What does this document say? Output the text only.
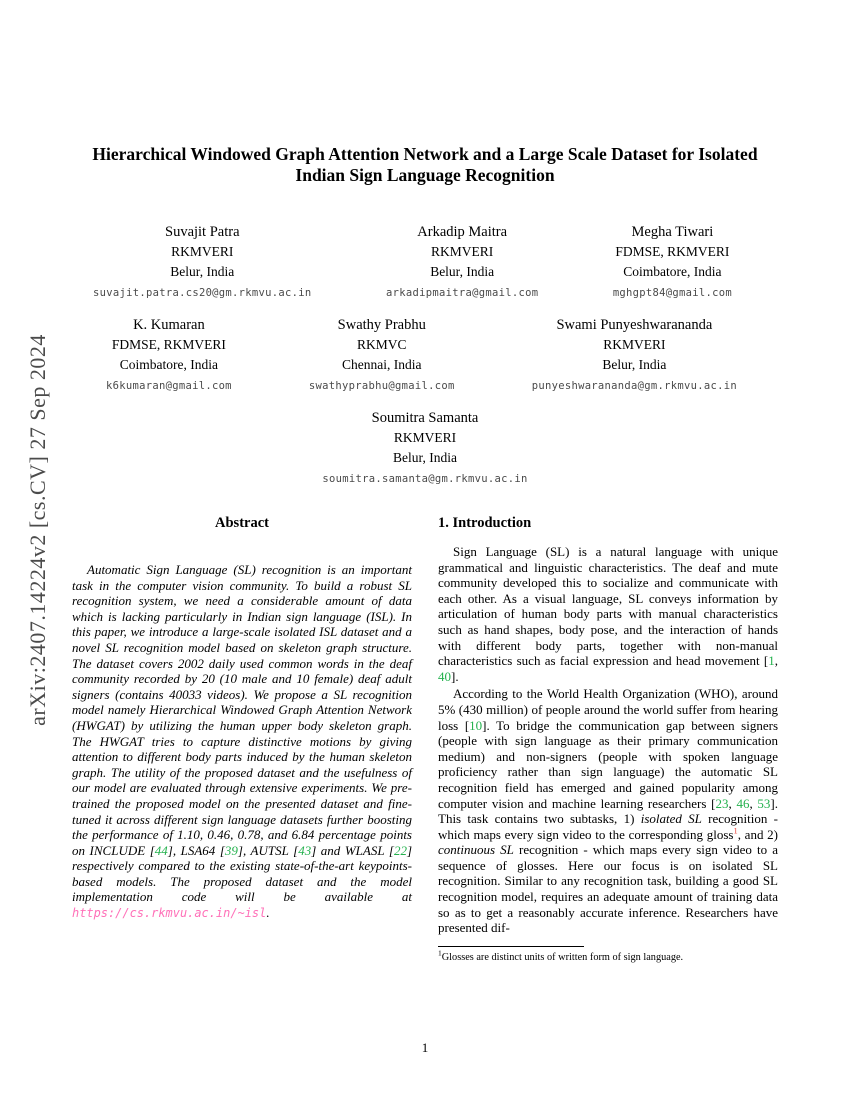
arXiv:2407.14224v2 [cs.CV] 27 Sep 2024
Hierarchical Windowed Graph Attention Network and a Large Scale Dataset for Isolated Indian Sign Language Recognition
Suvajit Patra
RKMVERI
Belur, India
suvajit.patra.cs20@gm.rkmvu.ac.in
Arkadip Maitra
RKMVERI
Belur, India
arkadipmaitra@gmail.com
Megha Tiwari
FDMSE, RKMVERI
Coimbatore, India
mghgpt84@gmail.com
K. Kumaran
FDMSE, RKMVERI
Coimbatore, India
k6kumaran@gmail.com
Swathy Prabhu
RKMVC
Chennai, India
swathyprabhu@gmail.com
Swami Punyeshwarananda
RKMVERI
Belur, India
punyeshwarananda@gm.rkmvu.ac.in
Soumitra Samanta
RKMVERI
Belur, India
soumitra.samanta@gm.rkmvu.ac.in
Abstract

Automatic Sign Language (SL) recognition is an important task in the computer vision community. To build a robust SL recognition system, we need a considerable amount of data which is lacking particularly in Indian sign language (ISL). In this paper, we introduce a large-scale isolated ISL dataset and a novel SL recognition model based on skeleton graph structure. The dataset covers 2002 daily used common words in the deaf community recorded by 20 (10 male and 10 female) deaf adult signers (contains 40033 videos). We propose a SL recognition model namely Hierarchical Windowed Graph Attention Network (HWGAT) by utilizing the human upper body skeleton graph. The HWGAT tries to capture distinctive motions by giving attention to different body parts induced by the human skeleton graph. The utility of the proposed dataset and the usefulness of our model are evaluated through extensive experiments. We pre-trained the proposed model on the presented dataset and fine-tuned it across different sign language datasets further boosting the performance of 1.10, 0.46, 0.78, and 6.84 percentage points on INCLUDE [44], LSA64 [39], AUTSL [43] and WLASL [22] respectively compared to the existing state-of-the-art keypoints-based models. The proposed dataset and the model implementation code will be available at https://cs.rkmvu.ac.in/~isl.

1. Introduction

Sign Language (SL) is a natural language with unique grammatical and linguistic characteristics. The deaf and mute community developed this to socialize and communicate with each other. As a visual language, SL conveys information by articulation of human body parts with manual characteristics such as hand shapes, body pose, and the interaction of hands with different body parts, together with non-manual characteristics such as facial expression and head movement [1, 40].

According to the World Health Organization (WHO), around 5% (430 million) of people around the world suffer from hearing loss [10]. To bridge the communication gap between signers (people with sign language as their primary communication medium) and non-signers (people with spoken language proficiency rather than sign language) the automatic SL recognition field has emerged and gained popularity among computer vision and machine learning researchers [23, 46, 53]. This task contains two subtasks, 1) isolated SL recognition - which maps every sign video to the corresponding gloss$^1$, and 2) continuous SL recognition - which maps every sign video to a sequence of glosses. Here our focus is on isolated SL recognition. Similar to any recognition task, building a good SL recognition model, requires an adequate amount of training data so as to get a reasonably accurate inference. Researchers have presented dif-

$^1$Glosses are distinct units of written form of sign language.

1
